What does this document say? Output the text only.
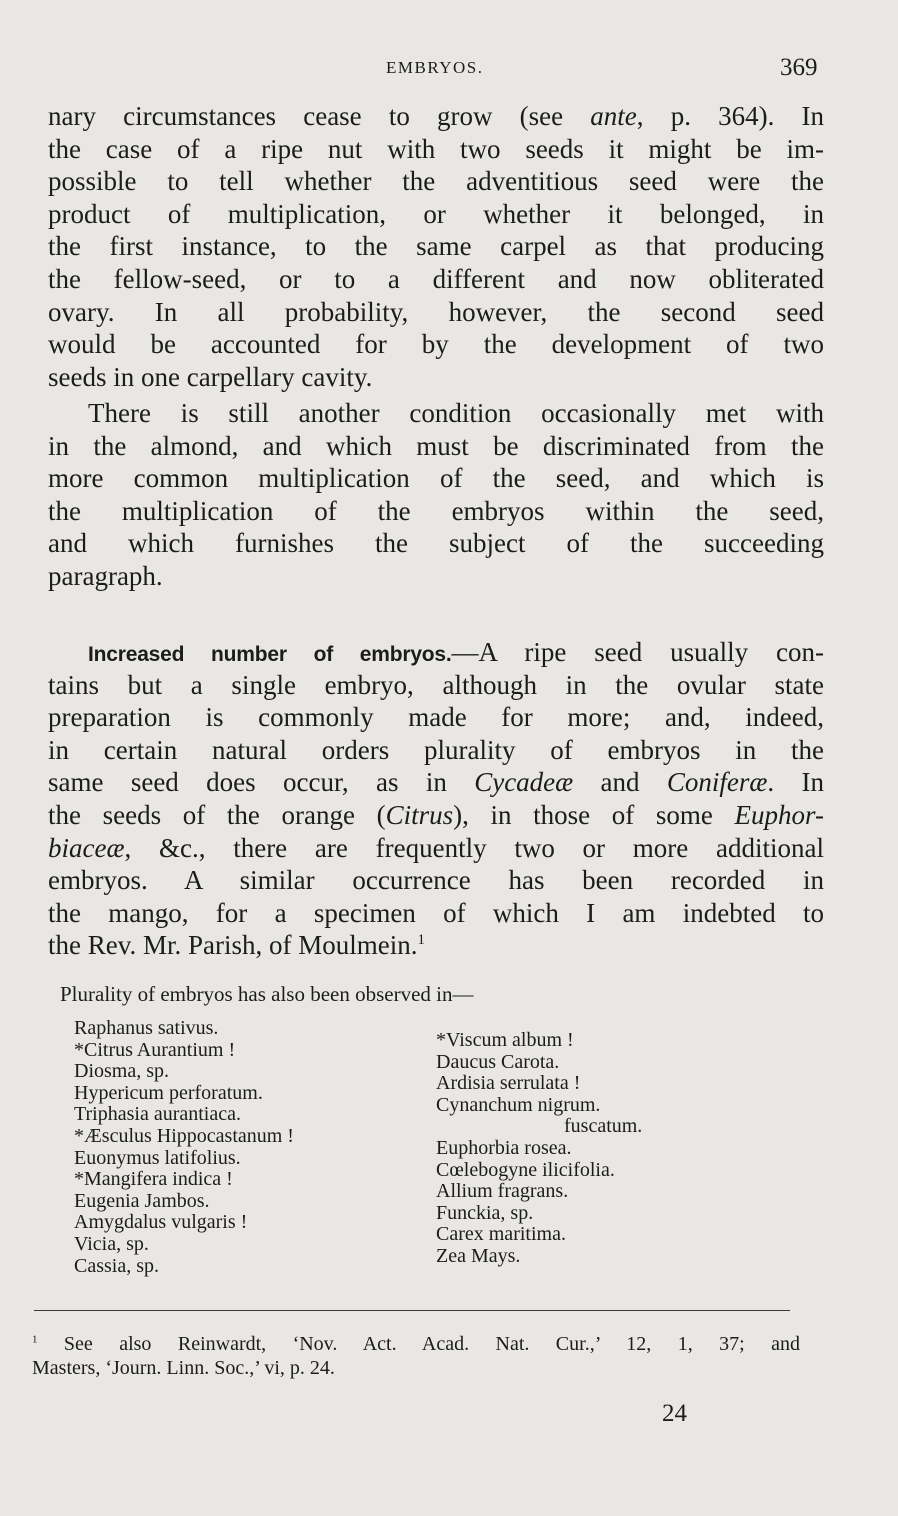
EMBRYOS.	369
nary circumstances cease to grow (see ante, p. 364). In
the case of a ripe nut with two seeds it might be im-
possible to tell whether the adventitious seed were the
product of multiplication, or whether it belonged, in
the first instance, to the same carpel as that producing
the fellow-seed, or to a different and now obliterated
ovary. In all probability, however, the second seed
would be accounted for by the development of two
seeds in one carpellary cavity.
There is still another condition occasionally met with
in the almond, and which must be discriminated from the
more common multiplication of the seed, and which is
the multiplication of the embryos within the seed,
and which furnishes the subject of the succeeding
paragraph.
Increased number of embryos.—A ripe seed usually con-
tains but a single embryo, although in the ovular state
preparation is commonly made for more; and, indeed,
in certain natural orders plurality of embryos in the
same seed does occur, as in Cycadeæ and Coniferæ. In
the seeds of the orange (Citrus), in those of some Euphor-
biaceæ, &c., there are frequently two or more additional
embryos. A similar occurrence has been recorded in
the mango, for a specimen of which I am indebted to
the Rev. Mr. Parish, of Moulmein.$^1$
Plurality of embryos has also been observed in—
Raphanus sativus.
*Citrus Aurantium !
Diosma, sp.
Hypericum perforatum.
Triphasia aurantiaca.
*Æsculus Hippocastanum !
Euonymus latifolius.
*Mangifera indica !
Eugenia Jambos.
Amygdalus vulgaris !
Vicia, sp.
Cassia, sp.
*Viscum album !
Daucus Carota.
Ardisia serrulata !
Cynanchum nigrum.
fuscatum.
Euphorbia rosea.
Cœlebogyne ilicifolia.
Allium fragrans.
Funckia, sp.
Carex maritima.
Zea Mays.
$^1$ See also Reinwardt, ‘Nov. Act. Acad. Nat. Cur.,’ 12, 1, 37; and
Masters, ‘Journ. Linn. Soc.,’ vi, p. 24.
24
